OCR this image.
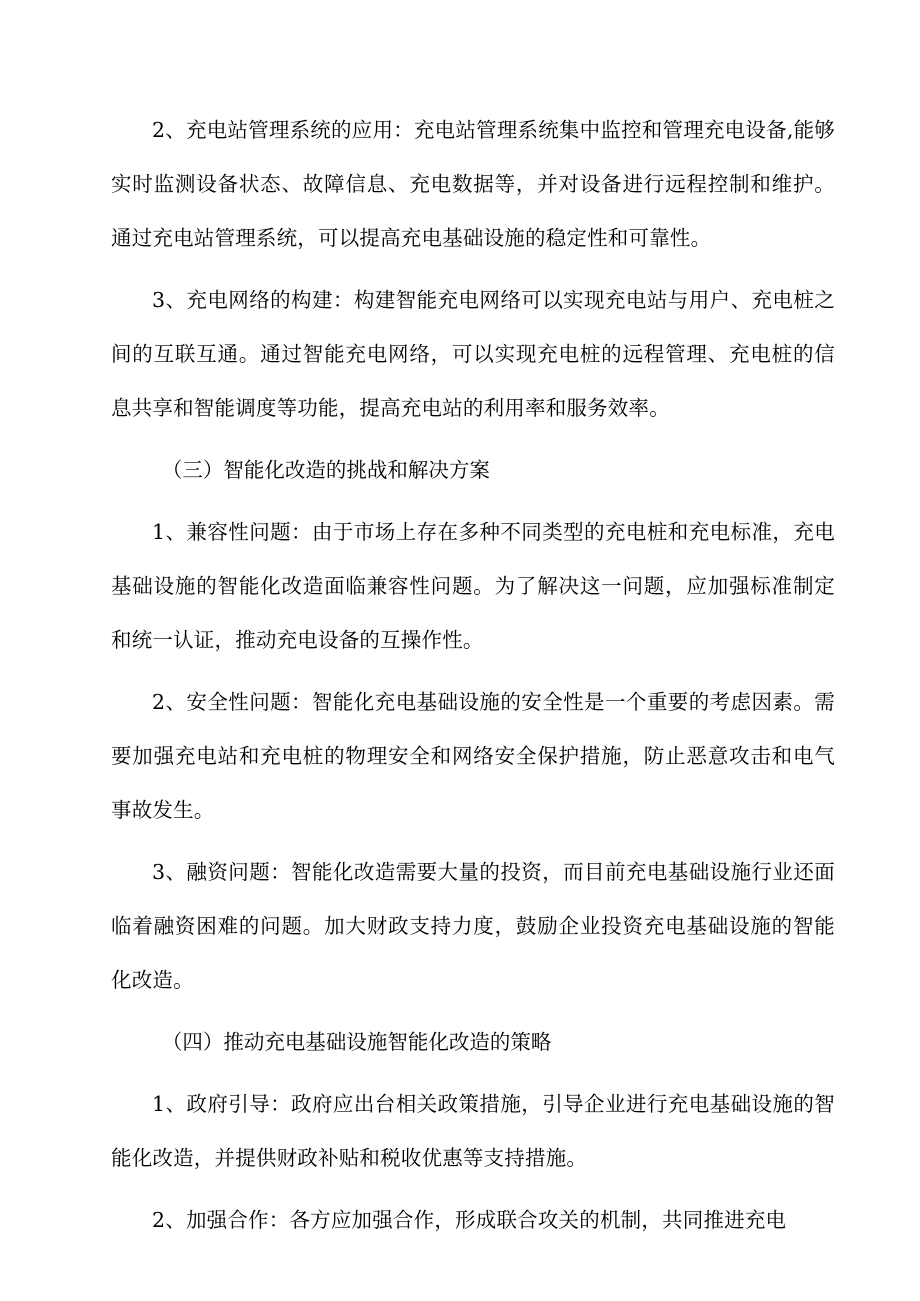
2、充电站管理系统的应用：充电站管理系统集中监控和管理充电设备,能够实时监测设备状态、故障信息、充电数据等，并对设备进行远程控制和维护。通过充电站管理系统，可以提高充电基础设施的稳定性和可靠性。

3、充电网络的构建：构建智能充电网络可以实现充电站与用户、充电桩之间的互联互通。通过智能充电网络，可以实现充电桩的远程管理、充电桩的信息共享和智能调度等功能，提高充电站的利用率和服务效率。

（三）智能化改造的挑战和解决方案

1、兼容性问题：由于市场上存在多种不同类型的充电桩和充电标准，充电基础设施的智能化改造面临兼容性问题。为了解决这一问题，应加强标准制定和统一认证，推动充电设备的互操作性。

2、安全性问题：智能化充电基础设施的安全性是一个重要的考虑因素。需要加强充电站和充电桩的物理安全和网络安全保护措施，防止恶意攻击和电气事故发生。

3、融资问题：智能化改造需要大量的投资，而目前充电基础设施行业还面临着融资困难的问题。加大财政支持力度，鼓励企业投资充电基础设施的智能化改造。

（四）推动充电基础设施智能化改造的策略

1、政府引导：政府应出台相关政策措施，引导企业进行充电基础设施的智能化改造，并提供财政补贴和税收优惠等支持措施。

2、加强合作：各方应加强合作，形成联合攻关的机制，共同推进充电
